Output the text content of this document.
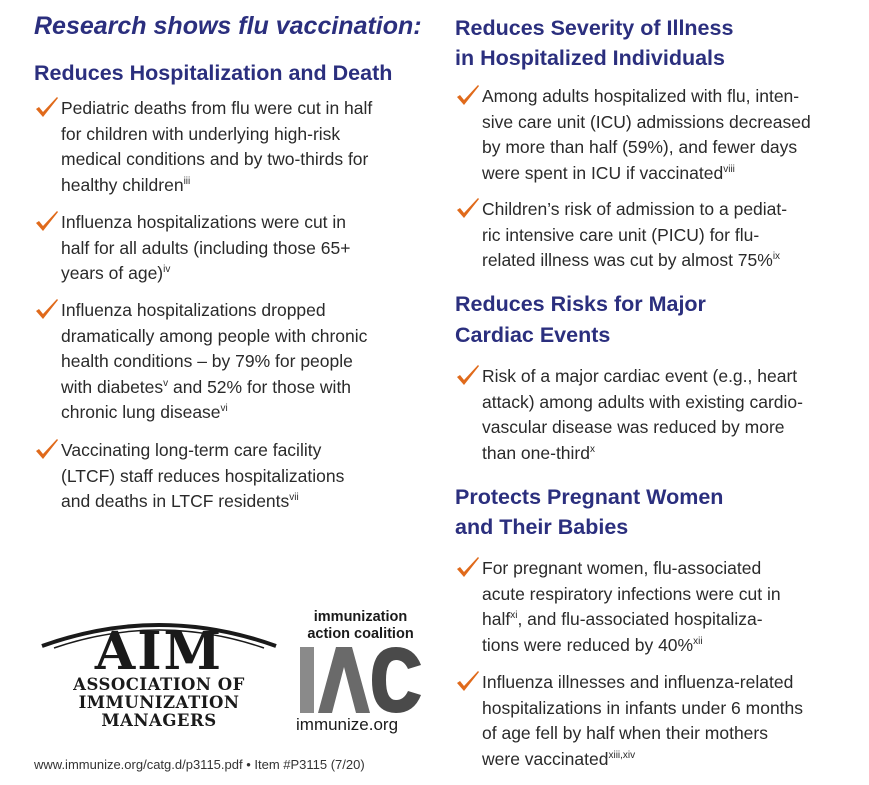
Research shows flu vaccination:
Reduces Hospitalization and Death
Pediatric deaths from flu were cut in half
for children with underlying high-risk
medical conditions and by two-thirds for
healthy children$^{iii}$
Influenza hospitalizations were cut in
half for all adults (including those 65+
years of age)$^{iv}$
Influenza hospitalizations dropped
dramatically among people with chronic
health conditions – by 79% for people
with diabetes$^v$ and 52% for those with
chronic lung disease$^{vi}$
Vaccinating long-term care facility
(LTCF) staff reduces hospitalizations
and deaths in LTCF residents$^{vii}$
Reduces Severity of Illness
in Hospitalized Individuals
Among adults hospitalized with flu, inten-
sive care unit (ICU) admissions decreased
by more than half (59%), and fewer days
were spent in ICU if vaccinated$^{viii}$
Children’s risk of admission to a pediat-
ric intensive care unit (PICU) for flu-
related illness was cut by almost 75%$^{ix}$
Reduces Risks for Major
Cardiac Events
Risk of a major cardiac event (e.g., heart
attack) among adults with existing cardio-
vascular disease was reduced by more
than one-third$^x$
Protects Pregnant Women
and Their Babies
For pregnant women, flu-associated
acute respiratory infections were cut in
half$^{xi}$, and flu-associated hospitaliza-
tions were reduced by 40%$^{xii}$
Influenza illnesses and influenza-related
hospitalizations in infants under 6 months
of age fell by half when their mothers
were vaccinated$^{xiii,xiv}$
AIM
ASSOCIATION OF
IMMUNIZATION
MANAGERS
immunization
action coalition
IAC
immunize.org
www.immunize.org/catg.d/p3115.pdf • Item #P3115 (7/20)
